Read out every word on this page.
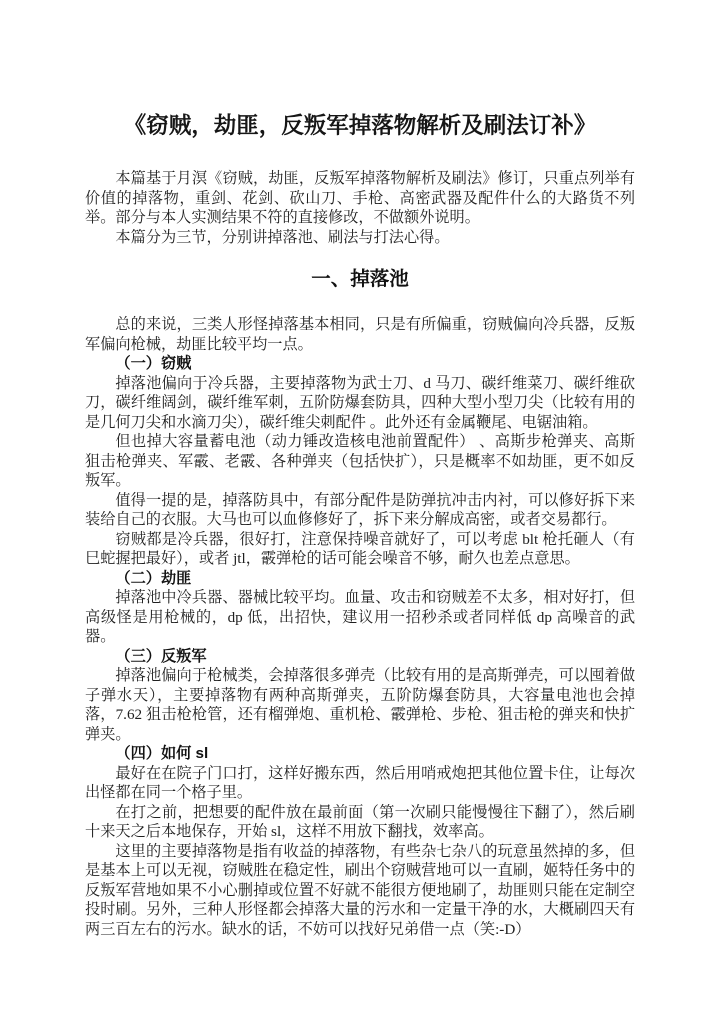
《窃贼，劫匪，反叛军掉落物解析及刷法订补》

本篇基于月溟《窃贼，劫匪，反叛军掉落物解析及刷法》修订，只重点列举有价值的掉落物，重剑、花剑、砍山刀、手枪、高密武器及配件什么的大路货不列举。部分与本人实测结果不符的直接修改，不做额外说明。

本篇分为三节，分别讲掉落池、刷法与打法心得。

一、掉落池

总的来说，三类人形怪掉落基本相同，只是有所偏重，窃贼偏向冷兵器，反叛军偏向枪械，劫匪比较平均一点。

（一）窃贼

掉落池偏向于冷兵器，主要掉落物为武士刀、d 马刀、碳纤维菜刀、碳纤维砍刀，碳纤维阔剑，碳纤维军刺，五阶防爆套防具，四种大型小型刀尖（比较有用的是几何刀尖和水滴刀尖），碳纤维尖刺配件 。此外还有金属鞭尾、电锯油箱。

但也掉大容量蓄电池（动力锤改造核电池前置配件） 、高斯步枪弹夹、高斯狙击枪弹夹、军霰、老霰、各种弹夹（包括快扩），只是概率不如劫匪，更不如反叛军。

值得一提的是，掉落防具中，有部分配件是防弹抗冲击内衬，可以修好拆下来装给自己的衣服。大马也可以血修修好了，拆下来分解成高密，或者交易都行。

窃贼都是冷兵器，很好打，注意保持噪音就好了，可以考虑 blt 枪托砸人（有巳蛇握把最好），或者 jtl，霰弹枪的话可能会噪音不够，耐久也差点意思。

（二）劫匪

掉落池中冷兵器、器械比较平均。血量、攻击和窃贼差不太多，相对好打，但高级怪是用枪械的，dp 低，出招快，建议用一招秒杀或者同样低 dp 高噪音的武器。

（三）反叛军

掉落池偏向于枪械类，会掉落很多弹壳（比较有用的是高斯弹壳，可以囤着做子弹水天），主要掉落物有两种高斯弹夹，五阶防爆套防具，大容量电池也会掉落，7.62 狙击枪枪管，还有榴弹炮、重机枪、霰弹枪、步枪、狙击枪的弹夹和快扩弹夹。

（四）如何 sl

最好在在院子门口打，这样好搬东西，然后用哨戒炮把其他位置卡住，让每次出怪都在同一个格子里。

在打之前，把想要的配件放在最前面（第一次刷只能慢慢往下翻了），然后刷十来天之后本地保存，开始 sl，这样不用放下翻找，效率高。

这里的主要掉落物是指有收益的掉落物，有些杂七杂八的玩意虽然掉的多，但是基本上可以无视，窃贼胜在稳定性，刷出个窃贼营地可以一直刷，姬特任务中的反叛军营地如果不小心删掉或位置不好就不能很方便地刷了，劫匪则只能在定制空投时刷。另外，三种人形怪都会掉落大量的污水和一定量干净的水，大概刷四天有两三百左右的污水。缺水的话，不妨可以找好兄弟借一点（笑:-D）
